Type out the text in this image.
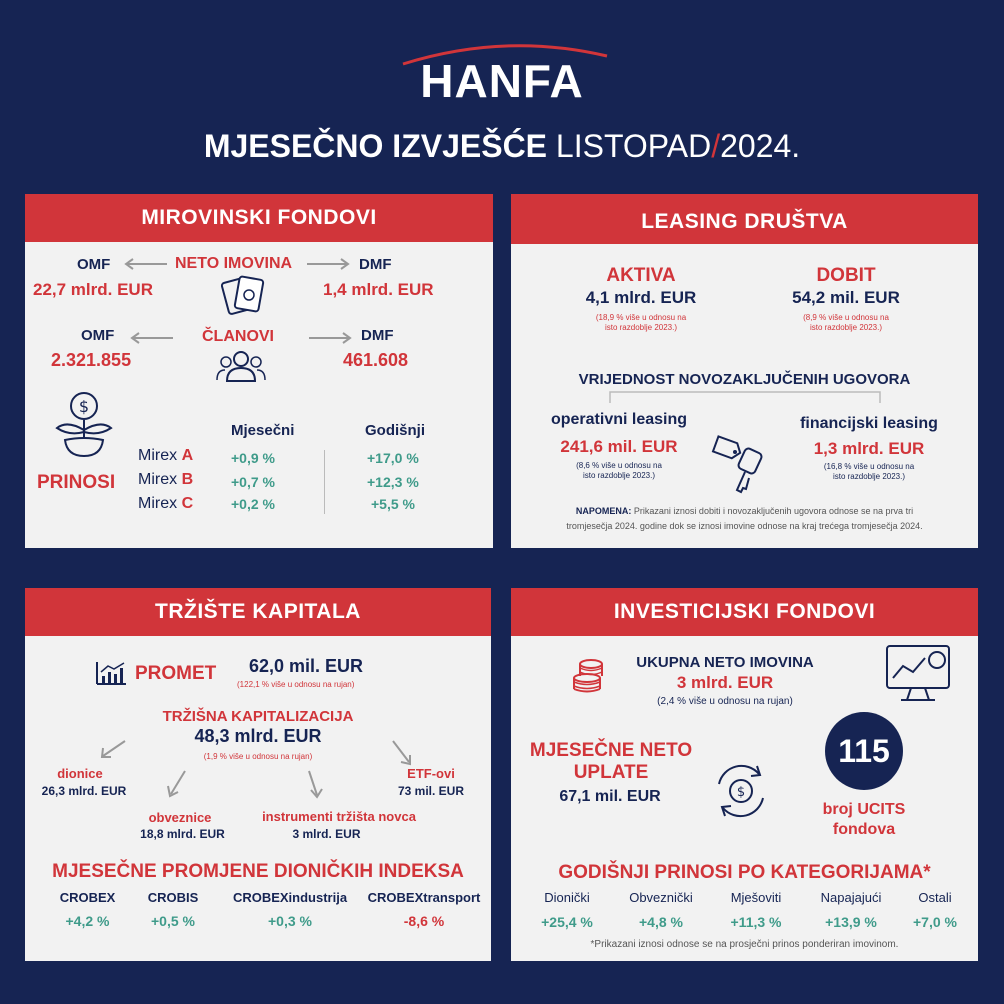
HANFA
MJESEČNO IZVJEŠĆE LISTOPAD/2024.
MIROVINSKI FONDOVI
OMF	NETO IMOVINA	DMF
22,7 mlrd. EUR	1,4 mlrd. EUR
OMF	ČLANOVI	DMF
2.321.855	461.608
$
PRINOSI
Mjesečni	Godišnji
Mirex A	+0,9 %	+17,0 %
Mirex B	+0,7 %	+12,3 %
Mirex C	+0,2 %	+5,5 %
LEASING DRUŠTVA
AKTIVA
4,1 mlrd. EUR
(18,9 % više u odnosu na
isto razdoblje 2023.)
DOBIT
54,2 mil. EUR
(8,9 % više u odnosu na
isto razdoblje 2023.)
VRIJEDNOST NOVOZAKLJUČENIH UGOVORA
operativni leasing
241,6 mil. EUR
(8,6 % više u odnosu na
isto razdoblje 2023.)
financijski leasing
1,3 mlrd. EUR
(16,8 % više u odnosu na
isto razdoblje 2023.)
NAPOMENA: Prikazani iznosi dobiti i novozaključenih ugovora odnose se na prva tri
tromjesečja 2024. godine dok se iznosi imovine odnose na kraj trećega tromjesečja 2024.
TRŽIŠTE KAPITALA
PROMET 62,0 mil. EUR
(122,1 % više u odnosu na rujan)
TRŽIŠNA KAPITALIZACIJA
48,3 mlrd. EUR
(1,9 % više u odnosu na rujan)
dionice
26,3 mlrd. EUR
obveznice
18,8 mlrd. EUR
instrumenti tržišta novca
3 mlrd. EUR
ETF-ovi
73 mil. EUR
MJESEČNE PROMJENE DIONIČKIH INDEKSA
CROBEX
+4,2 %
CROBIS
+0,5 %
CROBEXindustrija
+0,3 %
CROBEXtransport
-8,6 %
INVESTICIJSKI FONDOVI
UKUPNA NETO IMOVINA
3 mlrd. EUR
(2,4 % više u odnosu na rujan)
MJESEČNE NETO
UPLATE
67,1 mil. EUR	$
115
broj UCITS
fondova
GODIŠNJI PRINOSI PO KATEGORIJAMA*
Dionički
+25,4 %
Obveznički
+4,8 %
Mješoviti
+11,3 %
Napajajući
+13,9 %
Ostali
+7,0 %
*Prikazani iznosi odnose se na prosječni prinos ponderiran imovinom.
